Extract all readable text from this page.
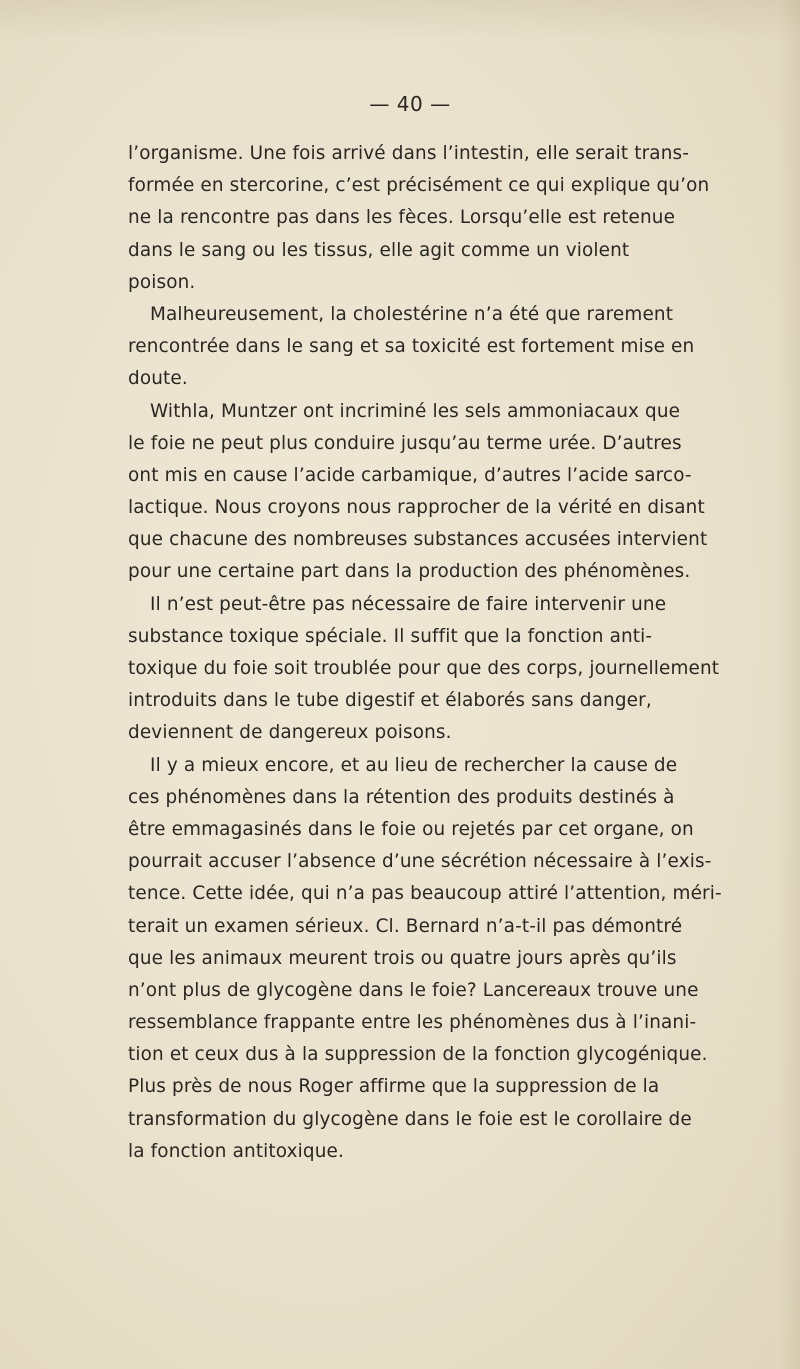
— 40 —
l’organisme. Une fois arrivé dans l’intestin, elle serait trans-
formée en stercorine, c’est précisément ce qui explique qu’on
ne la rencontre pas dans les fèces. Lorsqu’elle est retenue
dans le sang ou les tissus, elle agit comme un violent
poison.
Malheureusement, la cholestérine n’a été que rarement
rencontrée dans le sang et sa toxicité est fortement mise en
doute.
Withla, Muntzer ont incriminé les sels ammoniacaux que
le foie ne peut plus conduire jusqu’au terme urée. D’autres
ont mis en cause l’acide carbamique, d’autres l’acide sarco-
lactique. Nous croyons nous rapprocher de la vérité en disant
que chacune des nombreuses substances accusées intervient
pour une certaine part dans la production des phénomènes.
Il n’est peut-être pas nécessaire de faire intervenir une
substance toxique spéciale. Il suffit que la fonction anti-
toxique du foie soit troublée pour que des corps, journellement
introduits dans le tube digestif et élaborés sans danger,
deviennent de dangereux poisons.
Il y a mieux encore, et au lieu de rechercher la cause de
ces phénomènes dans la rétention des produits destinés à
être emmagasinés dans le foie ou rejetés par cet organe, on
pourrait accuser l’absence d’une sécrétion nécessaire à l’exis-
tence. Cette idée, qui n’a pas beaucoup attiré l’attention, méri-
terait un examen sérieux. Cl. Bernard n’a-t-il pas démontré
que les animaux meurent trois ou quatre jours après qu’ils
n’ont plus de glycogène dans le foie? Lancereaux trouve une
ressemblance frappante entre les phénomènes dus à l’inani-
tion et ceux dus à la suppression de la fonction glycogénique.
Plus près de nous Roger affirme que la suppression de la
transformation du glycogène dans le foie est le corollaire de
la fonction antitoxique.
